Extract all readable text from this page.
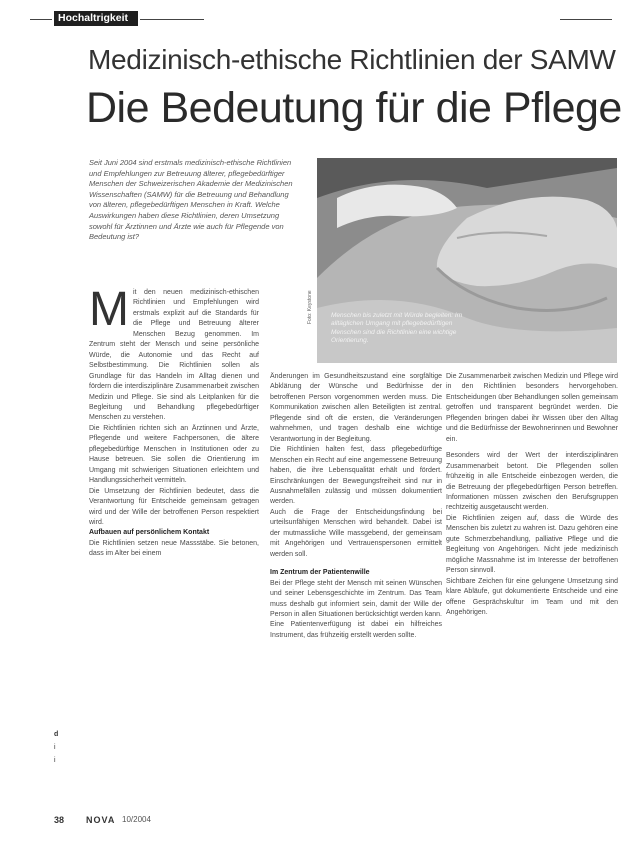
Hochaltrigkeit
Medizinisch-ethische Richtlinien der SAMW
Die Bedeutung für die Pflege
Seit Juni 2004 sind erstmals medizinisch-ethische Richtlinien und Empfehlungen zur Betreuung älterer, pflegebedürftiger Menschen der Schweizerischen Akademie der Medizinischen Wissenschaften (SAMW) für die Betreuung und Behandlung von älteren, pflegebedürftigen Menschen in Kraft. Welche Auswirkungen haben diese Richtlinien, deren Umsetzung sowohl für Ärztinnen und Ärzte wie auch für Pflegende von Bedeutung ist?
Menschen bis zuletzt mit Würde begleiten: Im alltäglichen Umgang mit pflegebedürftigen Menschen sind die Richtlinien eine wichtige Orientierung.
Foto: Keystone
M it den neuen medizinisch-ethischen Richtlinien und Empfehlungen wird erstmals explizit auf die Standards für die Pflege und Betreuung älterer Menschen Bezug genommen. Im Zentrum steht der Mensch und seine persönliche Würde, die Autonomie und das Recht auf Selbstbestimmung. Die Richtlinien sollen als Grundlage für das Handeln im Alltag dienen und fördern die interdisziplinäre Zusammenarbeit zwischen Medizin und Pflege. Sie sind als Leitplanken für die Begleitung und Behandlung pflegebedürftiger Menschen zu verstehen.

Die Richtlinien richten sich an Ärztinnen und Ärzte, Pflegende und weitere Fachpersonen, die ältere pflegebedürftige Menschen in Institutionen oder zu Hause betreuen. Sie sollen die Orientierung im Umgang mit schwierigen Situationen erleichtern und Handlungssicherheit vermitteln.

Die Umsetzung der Richtlinien bedeutet, dass die Verantwortung für Entscheide gemeinsam getragen wird und der Wille der betroffenen Person respektiert wird.

Aufbauen auf persönlichem Kontakt

Die Richtlinien setzen neue Massstäbe. Sie betonen, dass im Alter bei einem

Änderungen im Gesundheitszustand eine sorgfältige Abklärung der Wünsche und Bedürfnisse der betroffenen Person vorgenommen werden muss. Die Kommunikation zwischen allen Beteiligten ist zentral. Pflegende sind oft die ersten, die Veränderungen wahrnehmen, und tragen deshalb eine wichtige Verantwortung in der Begleitung.

Die Richtlinien halten fest, dass pflegebedürftige Menschen ein Recht auf eine angemessene Betreuung haben, die ihre Lebensqualität erhält und fördert. Einschränkungen der Bewegungsfreiheit sind nur in Ausnahmefällen zulässig und müssen dokumentiert werden.

Auch die Frage der Entscheidungsfindung bei urteilsunfähigen Menschen wird behandelt. Dabei ist der mutmassliche Wille massgebend, der gemeinsam mit Angehörigen und Vertrauenspersonen ermittelt werden soll.

Im Zentrum der Patientenwille

Bei der Pflege steht der Mensch mit seinen Wünschen und seiner Lebensgeschichte im Zentrum. Das Team muss deshalb gut informiert sein, damit der Wille der Person in allen Situationen berücksichtigt werden kann. Eine Patientenverfügung ist dabei ein hilfreiches Instrument, das frühzeitig erstellt werden sollte.

Die Zusammenarbeit zwischen Medizin und Pflege wird in den Richtlinien besonders hervorgehoben. Entscheidungen über Behandlungen sollen gemeinsam getroffen und transparent begründet werden. Die Pflegenden bringen dabei ihr Wissen über den Alltag und die Bedürfnisse der Bewohnerinnen und Bewohner ein.

Besonders wird der Wert der interdisziplinären Zusammenarbeit betont. Die Pflegenden sollen frühzeitig in alle Entscheide einbezogen werden, die die Betreuung der pflegebedürftigen Person betreffen. Informationen müssen zwischen den Berufsgruppen rechtzeitig ausgetauscht werden.

Die Richtlinien zeigen auf, dass die Würde des Menschen bis zuletzt zu wahren ist. Dazu gehören eine gute Schmerzbehandlung, palliative Pflege und die Begleitung von Angehörigen. Nicht jede medizinisch mögliche Massnahme ist im Interesse der betroffenen Person sinnvoll.

Sichtbare Zeichen für eine gelungene Umsetzung sind klare Abläufe, gut dokumentierte Entscheide und eine offene Gesprächskultur im Team und mit den Angehörigen.

d
i
i
38 NOVA 10/2004
